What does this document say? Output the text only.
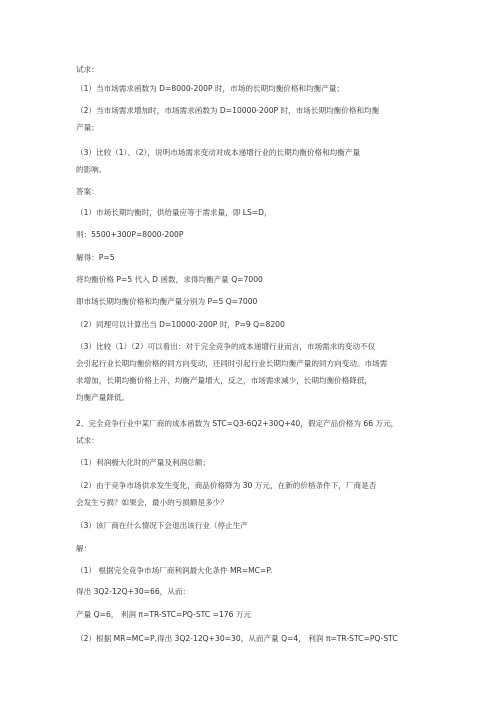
试求：
（1）当市场需求函数为 D=8000-200P 时，市场的长期均衡价格和均衡产量；
（2）当市场需求增加时，市场需求函数为 D=10000-200P 时，市场长期均衡价格和均衡
产量；
（3）比较（1）、（2），说明市场需求变动对成本递增行业的长期均衡价格和均衡产量
的影响。
答案：
（1）市场长期均衡时，供给量应等于需求量，即 LS=D，
则：5500+300P=8000-200P
解得：P=5
将均衡价格 P=5 代入 D 函数，求得均衡产量 Q=7000
即市场长期均衡价格和均衡产量分别为 P=5 Q=7000
（2）同理可以计算出当 D=10000-200P 时，P=9 Q=8200
（3）比较（1）（2）可以看出：对于完全竞争的成本递增行业而言，市场需求的变动不仅
会引起行业长期均衡价格的同方向变动，还同时引起行业长期均衡产量的同方向变动。市场需
求增加，长期均衡价格上升，均衡产量增大，反之，市场需求减少，长期均衡价格降低，
均衡产量降低。
2、完全竞争行业中某厂商的成本函数为 STC=Q3-6Q2+30Q+40，假定产品价格为 66 万元，
试求：
（1）利润极大化时的产量及利润总额；
（2）由于竞争市场供求发生变化，商品价格降为 30 万元，在新的价格条件下，厂商是否
会发生亏损？如果会，最小的亏损额是多少？
（3）该厂商在什么情况下会退出该行业（停止生产
解：
（1） 根据完全竞争市场厂商利润最大化条件 MR=MC=P.
得出 3Q2-12Q+30=66，从而：
产量 Q=6， 利润 π=TR-STC=PQ-STC =176 万元
（2）根据 MR=MC=P,得出 3Q2-12Q+30=30，从而产量 Q=4， 利润 π=TR-STC=PQ-STC
